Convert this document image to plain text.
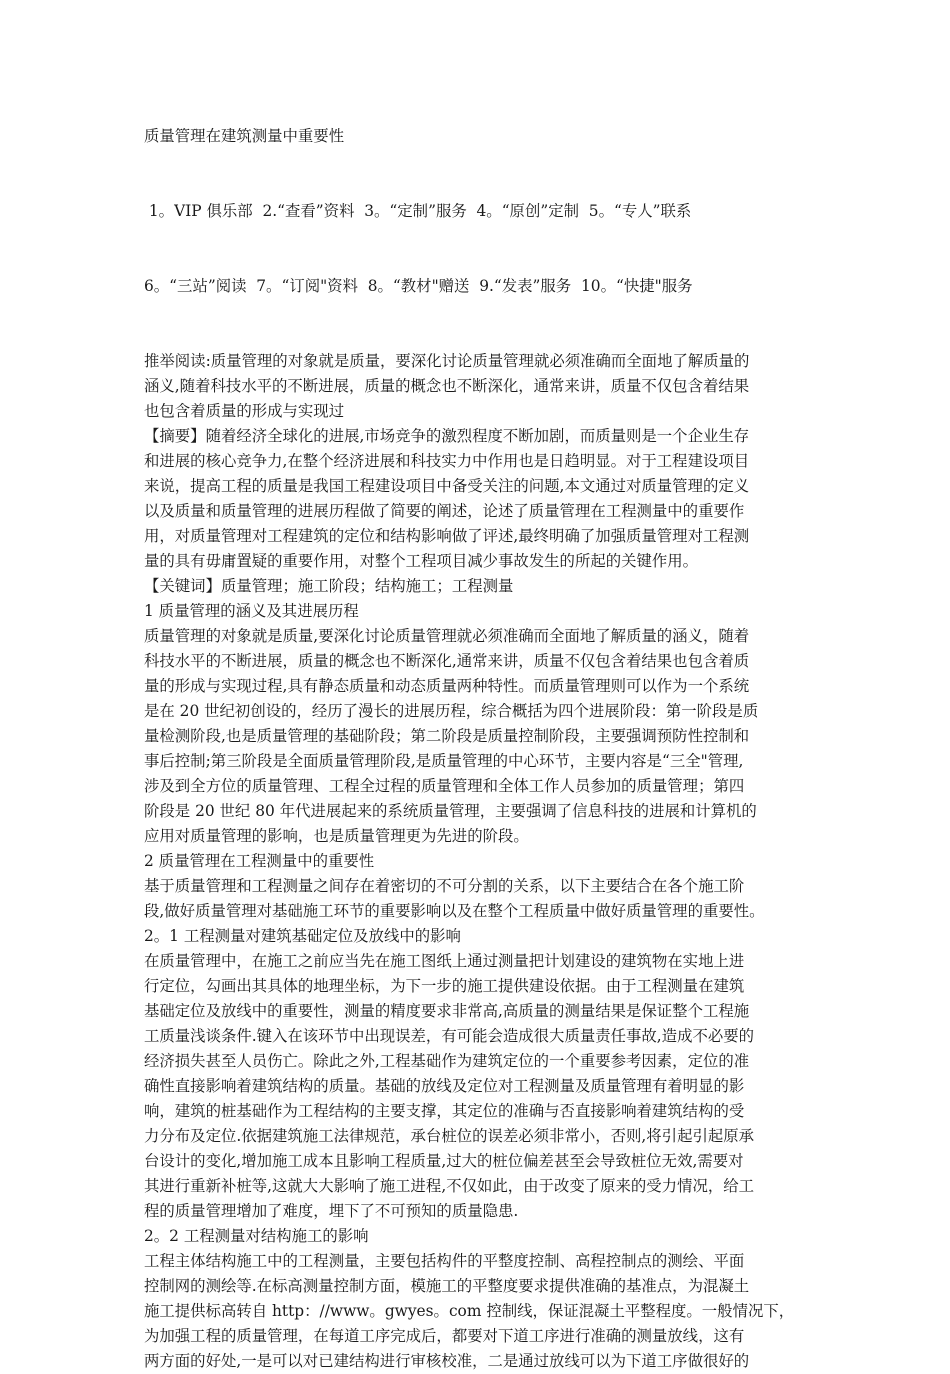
质量管理在建筑测量中重要性

1。VIP 俱乐部  2.“查看”资料  3。“定制”服务  4。“原创”定制  5。“专人”联系

6。“三站”阅读  7。“订阅"资料  8。“教材"赠送  9.“发表”服务  10。“快捷"服务

推举阅读:质量管理的对象就是质量，要深化讨论质量管理就必须准确而全面地了解质量的
涵义,随着科技水平的不断进展，质量的概念也不断深化，通常来讲，质量不仅包含着结果
也包含着质量的形成与实现过

【摘要】随着经济全球化的进展,市场竞争的激烈程度不断加剧，而质量则是一个企业生存
和进展的核心竞争力,在整个经济进展和科技实力中作用也是日趋明显。对于工程建设项目
来说，提高工程的质量是我国工程建设项目中备受关注的问题,本文通过对质量管理的定义
以及质量和质量管理的进展历程做了简要的阐述，论述了质量管理在工程测量中的重要作
用，对质量管理对工程建筑的定位和结构影响做了评述,最终明确了加强质量管理对工程测
量的具有毋庸置疑的重要作用，对整个工程项目减少事故发生的所起的关键作用。

【关键词】质量管理；施工阶段；结构施工；工程测量

1 质量管理的涵义及其进展历程

质量管理的对象就是质量,要深化讨论质量管理就必须准确而全面地了解质量的涵义，随着
科技水平的不断进展，质量的概念也不断深化,通常来讲，质量不仅包含着结果也包含着质
量的形成与实现过程,具有静态质量和动态质量两种特性。而质量管理则可以作为一个系统
是在 20 世纪初创设的，经历了漫长的进展历程，综合概括为四个进展阶段：第一阶段是质
量检测阶段,也是质量管理的基础阶段；第二阶段是质量控制阶段，主要强调预防性控制和
事后控制;第三阶段是全面质量管理阶段,是质量管理的中心环节，主要内容是“三全"管理,
涉及到全方位的质量管理、工程全过程的质量管理和全体工作人员参加的质量管理；第四
阶段是 20 世纪 80 年代进展起来的系统质量管理，主要强调了信息科技的进展和计算机的
应用对质量管理的影响，也是质量管理更为先进的阶段。

2 质量管理在工程测量中的重要性

基于质量管理和工程测量之间存在着密切的不可分割的关系，以下主要结合在各个施工阶
段,做好质量管理对基础施工环节的重要影响以及在整个工程质量中做好质量管理的重要性。

2。1 工程测量对建筑基础定位及放线中的影响

在质量管理中，在施工之前应当先在施工图纸上通过测量把计划建设的建筑物在实地上进
行定位，勾画出其具体的地理坐标，为下一步的施工提供建设依据。由于工程测量在建筑
基础定位及放线中的重要性，测量的精度要求非常高,高质量的测量结果是保证整个工程施
工质量浅谈条件.键入在该环节中出现误差，有可能会造成很大质量责任事故,造成不必要的
经济损失甚至人员伤亡。除此之外,工程基础作为建筑定位的一个重要参考因素，定位的准
确性直接影响着建筑结构的质量。基础的放线及定位对工程测量及质量管理有着明显的影
响，建筑的桩基础作为工程结构的主要支撑，其定位的准确与否直接影响着建筑结构的受
力分布及定位.依据建筑施工法律规范，承台桩位的误差必须非常小，否则,将引起引起原承
台设计的变化,增加施工成本且影响工程质量,过大的桩位偏差甚至会导致桩位无效,需要对
其进行重新补桩等,这就大大影响了施工进程,不仅如此，由于改变了原来的受力情况，给工
程的质量管理增加了难度，埋下了不可预知的质量隐患.

2。2 工程测量对结构施工的影响

工程主体结构施工中的工程测量，主要包括构件的平整度控制、高程控制点的测绘、平面
控制网的测绘等.在标高测量控制方面，模施工的平整度要求提供准确的基准点，为混凝土
施工提供标高转自 http：//www。gwyes。com 控制线，保证混凝土平整程度。一般情况下，
为加强工程的质量管理，在每道工序完成后，都要对下道工序进行准确的测量放线，这有
两方面的好处,一是可以对已建结构进行审核校准，二是通过放线可以为下道工序做很好的
